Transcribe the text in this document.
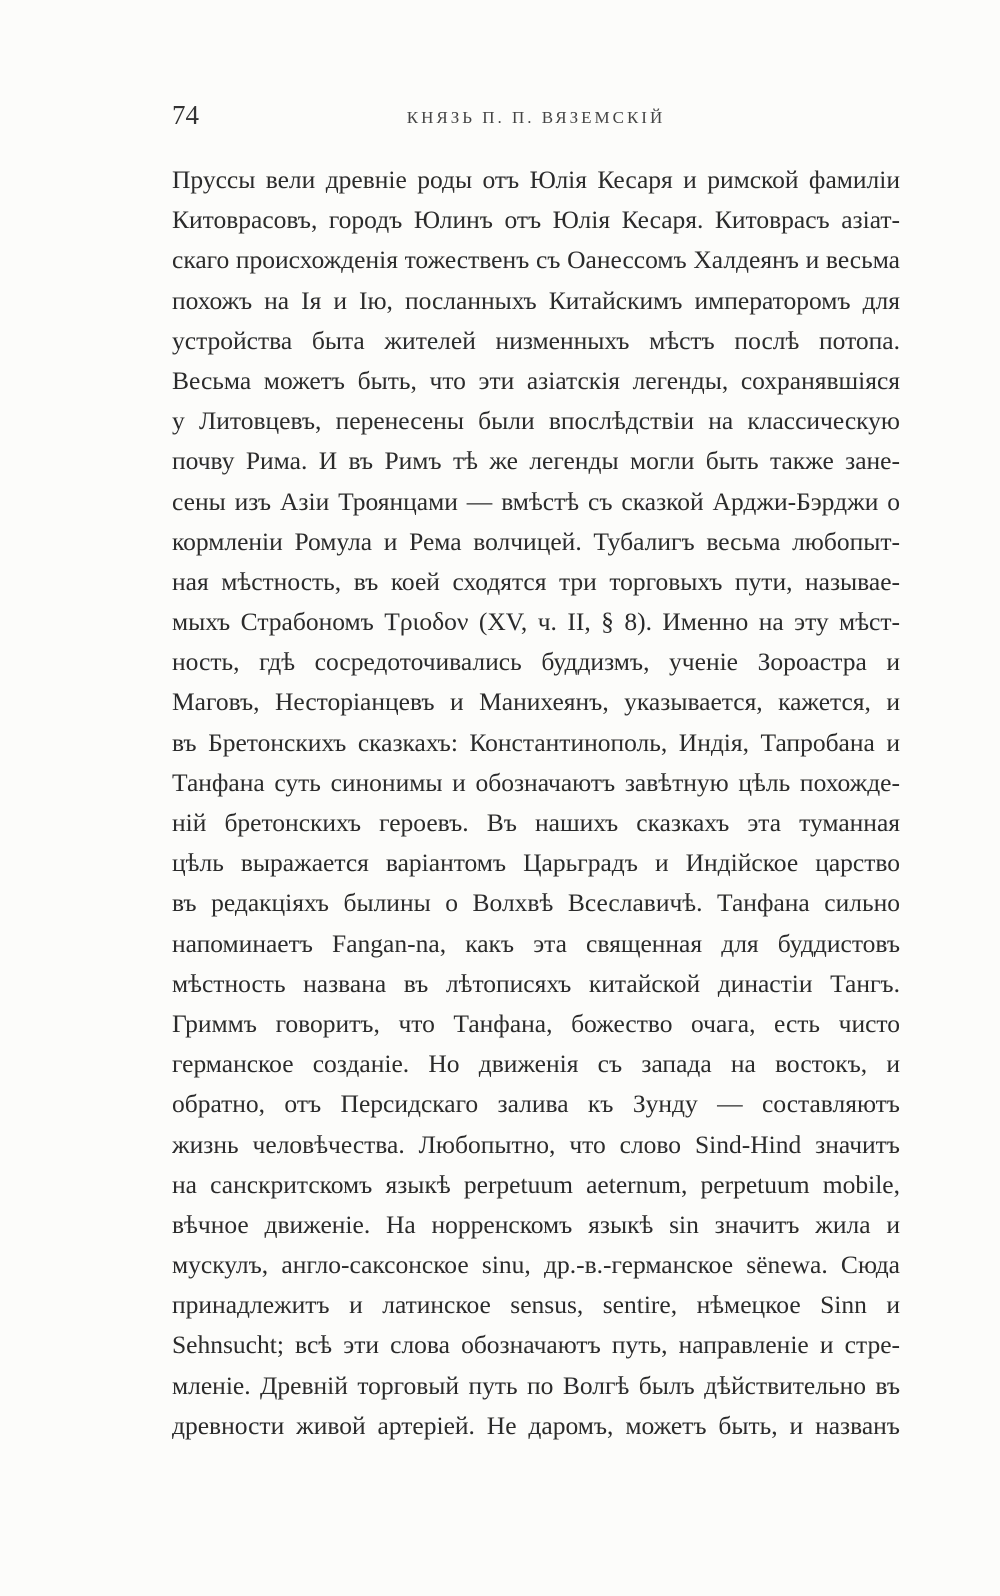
74	КНЯЗЬ П. П. ВЯЗЕМСКІЙ
Пруссы вели древніе роды отъ Юлія Кесаря и римской фамиліи
Китоврасовъ, городъ Юлинъ отъ Юлія Кесаря. Китоврасъ азіат-
скаго происхожденія тожественъ съ Оанессомъ Халдеянъ и весьма
похожъ на Ія и Ію, посланныхъ Китайскимъ императоромъ для
устройства быта жителей низменныхъ мѣстъ послѣ потопа.
Весьма можетъ быть, что эти азіатскія легенды, сохранявшіяся
у Литовцевъ, перенесены были впослѣдствіи на классическую
почву Рима. И въ Римъ тѣ же легенды могли быть также зане-
сены изъ Азіи Троянцами — вмѣстѣ съ сказкой Арджи-Бэрджи о
кормленіи Ромула и Рема волчицей. Тубалигъ весьма любопыт-
ная мѣстность, въ коей сходятся три торговыхъ пути, называе-
мыхъ Страбономъ Τριοδον (XV, ч. II, § 8). Именно на эту мѣст-
ность, гдѣ сосредоточивались буддизмъ, ученіе Зороастра и
Маговъ, Несторіанцевъ и Манихеянъ, указывается, кажется, и
въ Бретонскихъ сказкахъ: Константинополь, Индія, Тапробана и
Танфана суть синонимы и обозначаютъ завѣтную цѣль похожде-
ній бретонскихъ героевъ. Въ нашихъ сказкахъ эта туманная
цѣль выражается варіантомъ Царьградъ и Индійское царство
въ редакціяхъ былины о Волхвѣ Всеславичѣ. Танфана сильно
напоминаетъ Fangan-na, какъ эта священная для буддистовъ
мѣстность названа въ лѣтописяхъ китайской династіи Тангъ.
Гриммъ говоритъ, что Танфана, божество очага, есть чисто
германское созданіе. Но движенія съ запада на востокъ, и
обратно, отъ Персидскаго залива къ Зунду — составляютъ
жизнь человѣчества. Любопытно, что слово Sind-Hind значитъ
на санскритскомъ языкѣ perpetuum aeternum, perpetuum mobile,
вѣчное движеніе. На норренскомъ языкѣ sin значитъ жила и
мускулъ, англо-саксонское sinu, др.-в.-германское sënewa. Сюда
принадлежитъ и латинское sensus, sentire, нѣмецкое Sinn и
Sehnsucht; всѣ эти слова обозначаютъ путь, направленіе и стре-
мленіе. Древній торговый путь по Волгѣ былъ дѣйствительно въ
древности живой артеріей. Не даромъ, можетъ быть, и названъ
